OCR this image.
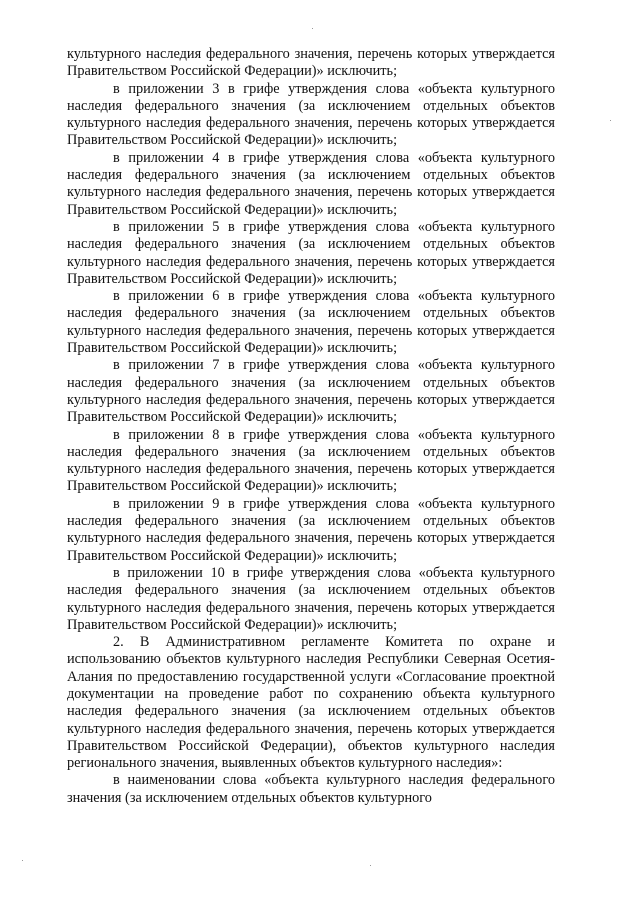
культурного наследия федерального значения, перечень которых утверждается Правительством Российской Федерации)» исключить;

в приложении 3 в грифе утверждения слова «объекта культурного наследия федерального значения (за исключением отдельных объектов культурного наследия федерального значения, перечень которых утверждается Правительством Российской Федерации)» исключить;

в приложении 4 в грифе утверждения слова «объекта культурного наследия федерального значения (за исключением отдельных объектов культурного наследия федерального значения, перечень которых утверждается Правительством Российской Федерации)» исключить;

в приложении 5 в грифе утверждения слова «объекта культурного наследия федерального значения (за исключением отдельных объектов культурного наследия федерального значения, перечень которых утверждается Правительством Российской Федерации)» исключить;

в приложении 6 в грифе утверждения слова «объекта культурного наследия федерального значения (за исключением отдельных объектов культурного наследия федерального значения, перечень которых утверждается Правительством Российской Федерации)» исключить;

в приложении 7 в грифе утверждения слова «объекта культурного наследия федерального значения (за исключением отдельных объектов культурного наследия федерального значения, перечень которых утверждается Правительством Российской Федерации)» исключить;

в приложении 8 в грифе утверждения слова «объекта культурного наследия федерального значения (за исключением отдельных объектов культурного наследия федерального значения, перечень которых утверждается Правительством Российской Федерации)» исключить;

в приложении 9 в грифе утверждения слова «объекта культурного наследия федерального значения (за исключением отдельных объектов культурного наследия федерального значения, перечень которых утверждается Правительством Российской Федерации)» исключить;

в приложении 10 в грифе утверждения слова «объекта культурного наследия федерального значения (за исключением отдельных объектов культурного наследия федерального значения, перечень которых утверждается Правительством Российской Федерации)» исключить;

2. В Административном регламенте Комитета по охране и использованию объектов культурного наследия Республики Северная Осетия-Алания по предоставлению государственной услуги «Согласование проектной документации на проведение работ по сохранению объекта культурного наследия федерального значения (за исключением отдельных объектов культурного наследия федерального значения, перечень которых утверждается Правительством Российской Федерации), объектов культурного наследия регионального значения, выявленных объектов культурного наследия»:

в наименовании слова «объекта культурного наследия федерального значения (за исключением отдельных объектов культурного
